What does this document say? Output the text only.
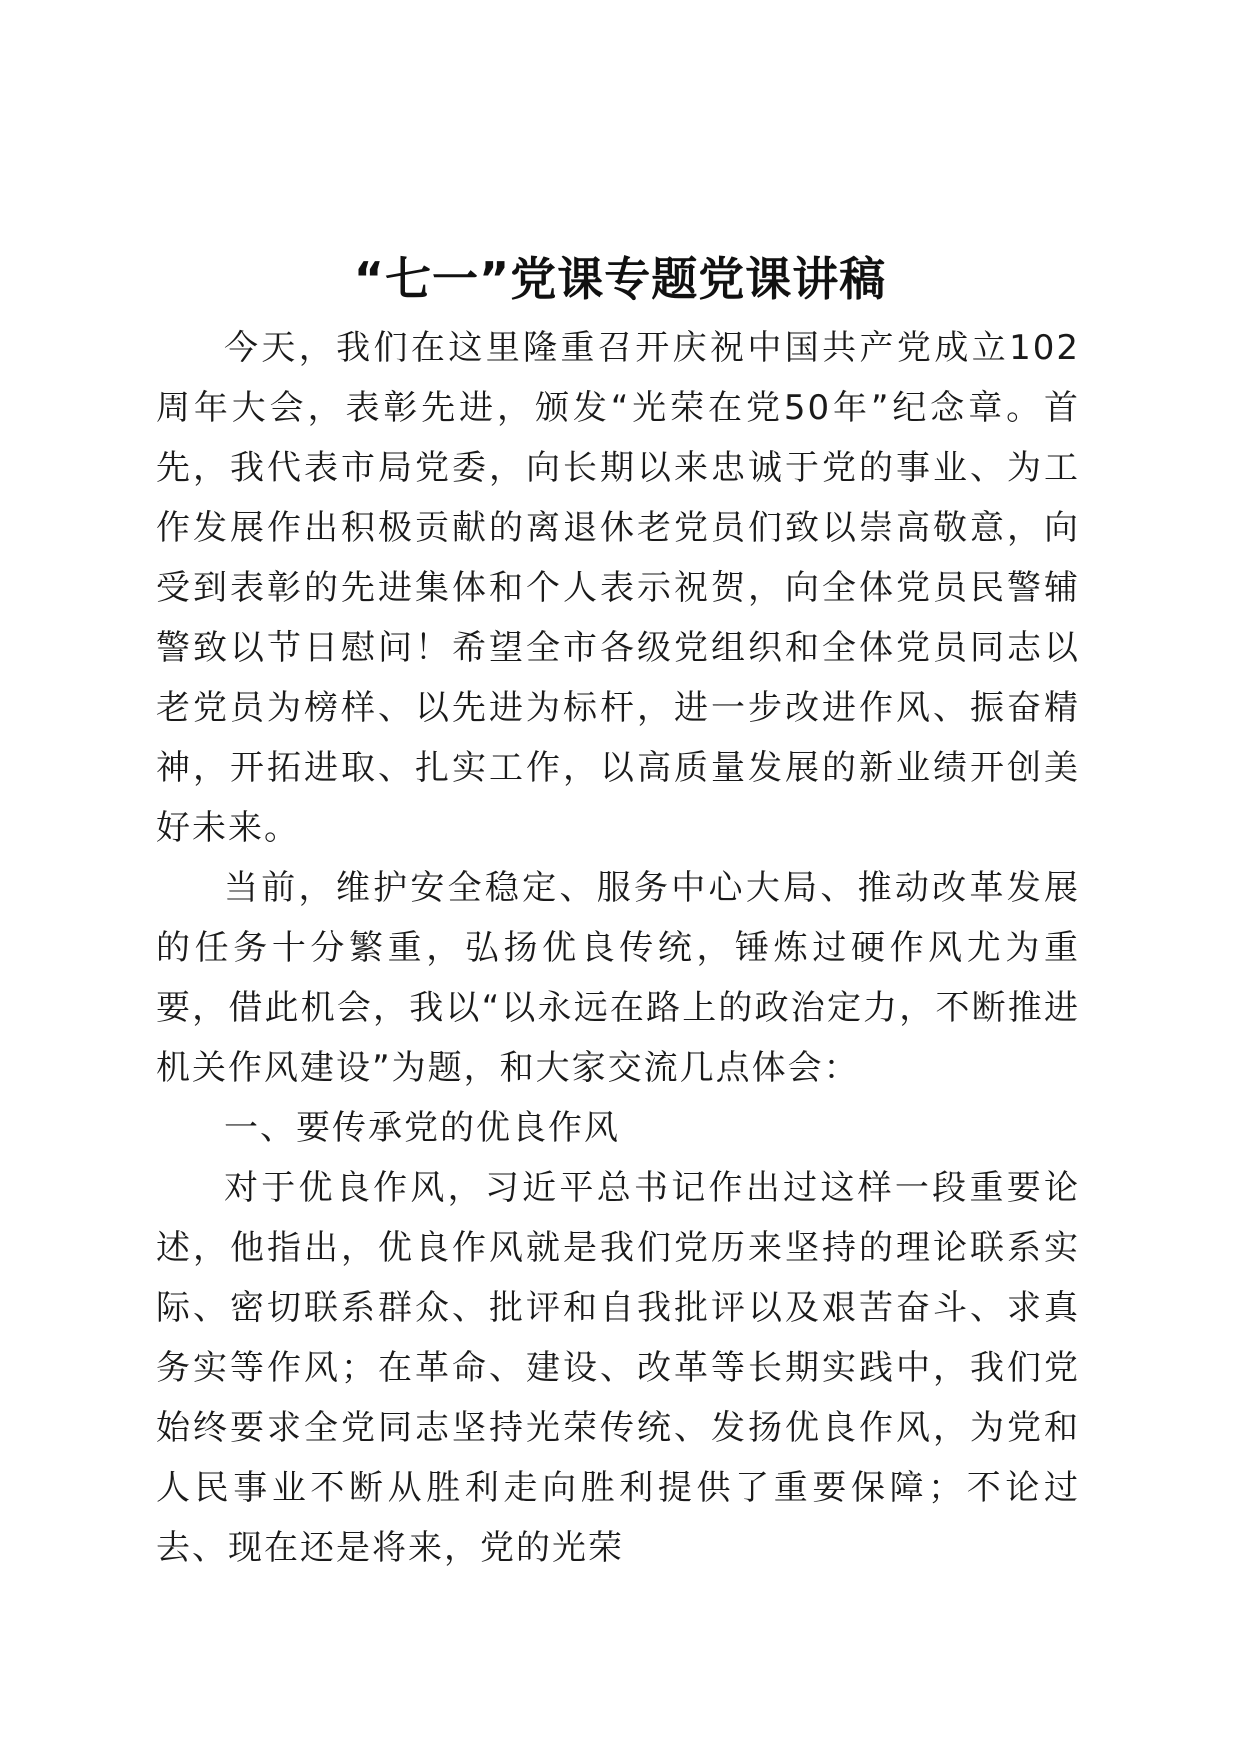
“七一”党课专题党课讲稿

今天，我们在这里隆重召开庆祝中国共产党成立102周年大会，表彰先进，颁发“光荣在党50年”纪念章。首先，我代表市局党委，向长期以来忠诚于党的事业、为工作发展作出积极贡献的离退休老党员们致以崇高敬意，向受到表彰的先进集体和个人表示祝贺，向全体党员民警辅警致以节日慰问！希望全市各级党组织和全体党员同志以老党员为榜样、以先进为标杆，进一步改进作风、振奋精神，开拓进取、扎实工作，以高质量发展的新业绩开创美好未来。

当前，维护安全稳定、服务中心大局、推动改革发展的任务十分繁重，弘扬优良传统，锤炼过硬作风尤为重要，借此机会，我以“以永远在路上的政治定力，不断推进机关作风建设”为题，和大家交流几点体会：

一、要传承党的优良作风

对于优良作风，习近平总书记作出过这样一段重要论述，他指出，优良作风就是我们党历来坚持的理论联系实际、密切联系群众、批评和自我批评以及艰苦奋斗、求真务实等作风；在革命、建设、改革等长期实践中，我们党始终要求全党同志坚持光荣传统、发扬优良作风，为党和人民事业不断从胜利走向胜利提供了重要保障；不论过去、现在还是将来，党的光荣
